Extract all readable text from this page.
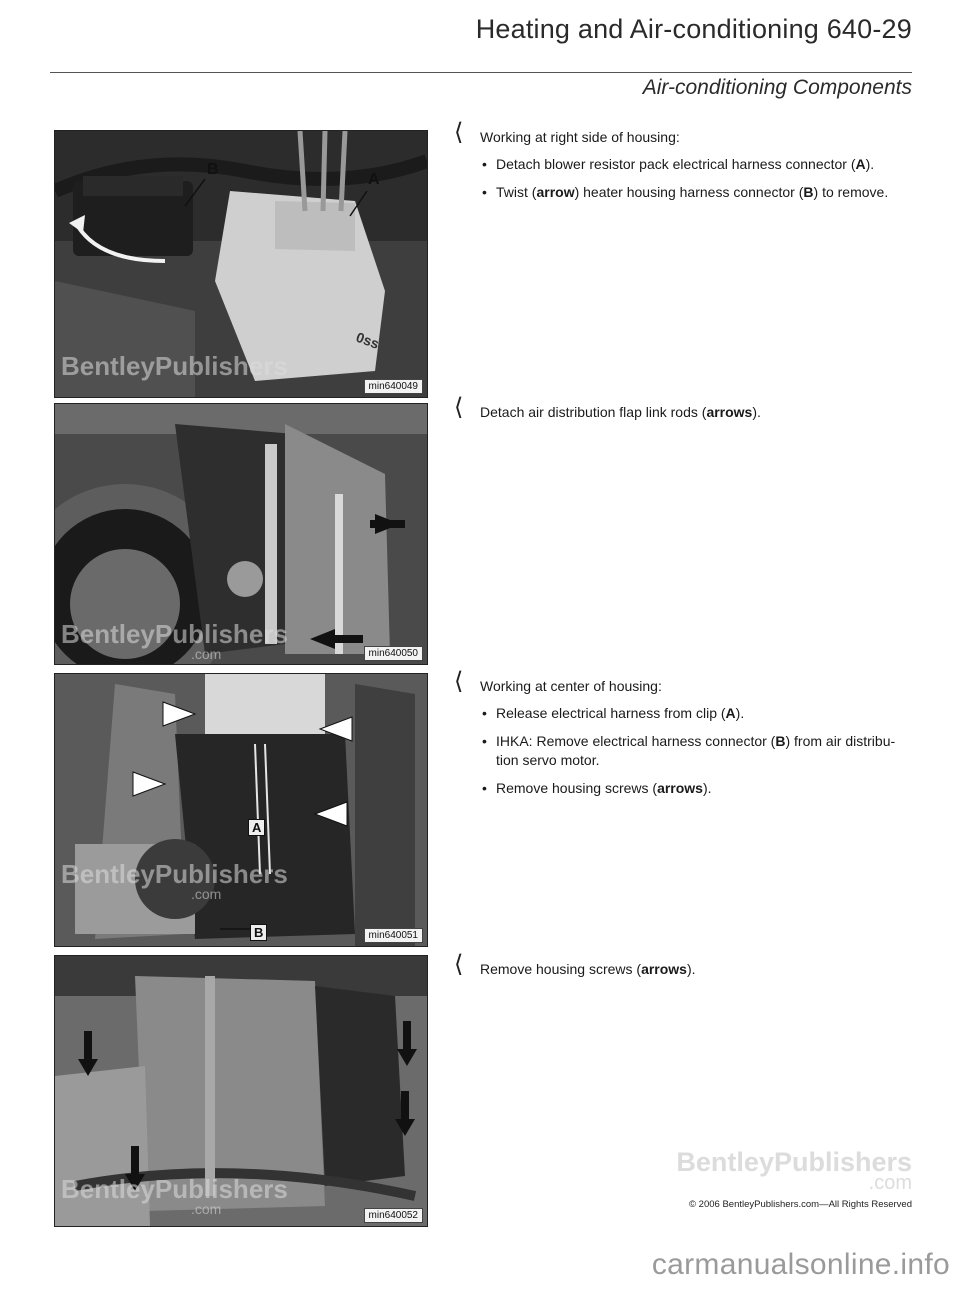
Heating and Air-conditioning 640-29
Air-conditioning Components
0ss
B
A
BentleyPublishers
min640049
BentleyPublishers
.com	min640050
A
B
BentleyPublishers
.com
min640051
BentleyPublishers
.com	min640052
⟨ Working at right side of housing:
• Detach blower resistor pack electrical harness connector (A).
• Twist (arrow) heater housing harness connector (B) to remove.
⟨ Detach air distribution flap link rods (arrows).
⟨ Working at center of housing:
• Release electrical harness from clip (A).
• IHKA: Remove electrical harness connector (B) from air distribu-
tion servo motor.
• Remove housing screws (arrows).
⟨ Remove housing screws (arrows).
BentleyPublishers
.com
© 2006 BentleyPublishers.com—All Rights Reserved
carmanualsonline.info
